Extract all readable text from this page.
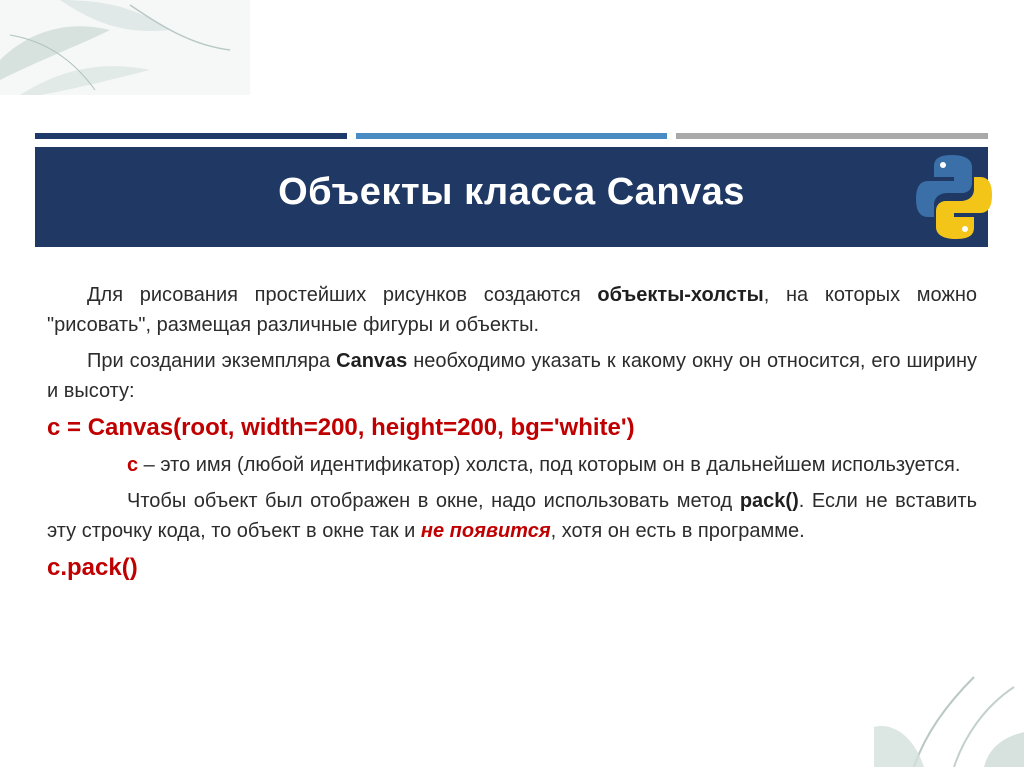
Объекты класса Canvas

Для рисования простейших рисунков создаются объекты-холсты, на которых можно "рисовать", размещая различные фигуры и объекты.

При создании экземпляра Canvas необходимо указать к какому окну он относится, его ширину и высоту:

c = Canvas(root, width=200, height=200, bg='white')

c – это имя (любой идентификатор) холста, под которым он в дальнейшем используется.

Чтобы объект был отображен в окне, надо использовать метод pack(). Если не вставить эту строчку кода, то объект в окне так и не появится, хотя он есть в программе.

c.pack()
